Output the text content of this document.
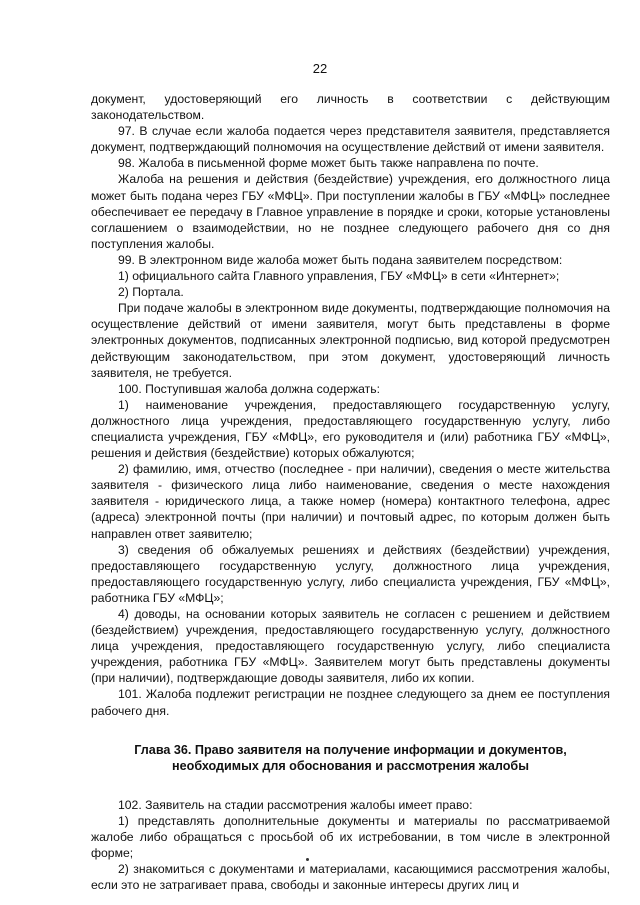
22

документ, удостоверяющий его личность в соответствии с действующим законодательством.

97. В случае если жалоба подается через представителя заявителя, представляется документ, подтверждающий полномочия на осуществление действий от имени заявителя.

98. Жалоба в письменной форме может быть также направлена по почте.

Жалоба на решения и действия (бездействие) учреждения, его должностного лица может быть подана через ГБУ «МФЦ». При поступлении жалобы в ГБУ «МФЦ» последнее обеспечивает ее передачу в Главное управление в порядке и сроки, которые установлены соглашением о взаимодействии, но не позднее следующего рабочего дня со дня поступления жалобы.

99. В электронном виде жалоба может быть подана заявителем посредством:

1) официального сайта Главного управления, ГБУ «МФЦ» в сети «Интернет»;

2) Портала.

При подаче жалобы в электронном виде документы, подтверждающие полномочия на осуществление действий от имени заявителя, могут быть представлены в форме электронных документов, подписанных электронной подписью, вид которой предусмотрен действующим законодательством, при этом документ, удостоверяющий личность заявителя, не требуется.

100. Поступившая жалоба должна содержать:

1) наименование учреждения, предоставляющего государственную услугу, должностного лица учреждения, предоставляющего государственную услугу, либо специалиста учреждения, ГБУ «МФЦ», его руководителя и (или) работника ГБУ «МФЦ», решения и действия (бездействие) которых обжалуются;

2) фамилию, имя, отчество (последнее - при наличии), сведения о месте жительства заявителя - физического лица либо наименование, сведения о месте нахождения заявителя - юридического лица, а также номер (номера) контактного телефона, адрес (адреса) электронной почты (при наличии) и почтовый адрес, по которым должен быть направлен ответ заявителю;

3) сведения об обжалуемых решениях и действиях (бездействии) учреждения, предоставляющего государственную услугу, должностного лица учреждения, предоставляющего государственную услугу, либо специалиста учреждения, ГБУ «МФЦ», работника ГБУ «МФЦ»;

4) доводы, на основании которых заявитель не согласен с решением и действием (бездействием) учреждения, предоставляющего государственную услугу, должностного лица учреждения, предоставляющего государственную услугу, либо специалиста учреждения, работника ГБУ «МФЦ». Заявителем могут быть представлены документы (при наличии), подтверждающие доводы заявителя, либо их копии.

101. Жалоба подлежит регистрации не позднее следующего за днем ее поступления рабочего дня.

Глава 36. Право заявителя на получение информации и документов,
необходимых для обоснования и рассмотрения жалобы

102. Заявитель на стадии рассмотрения жалобы имеет право:

1) представлять дополнительные документы и материалы по рассматриваемой жалобе либо обращаться с просьбой об их истребовании, в том числе в электронной форме;

2) знакомиться с документами и материалами, касающимися рассмотрения жалобы, если это не затрагивает права, свободы и законные интересы других лиц и
